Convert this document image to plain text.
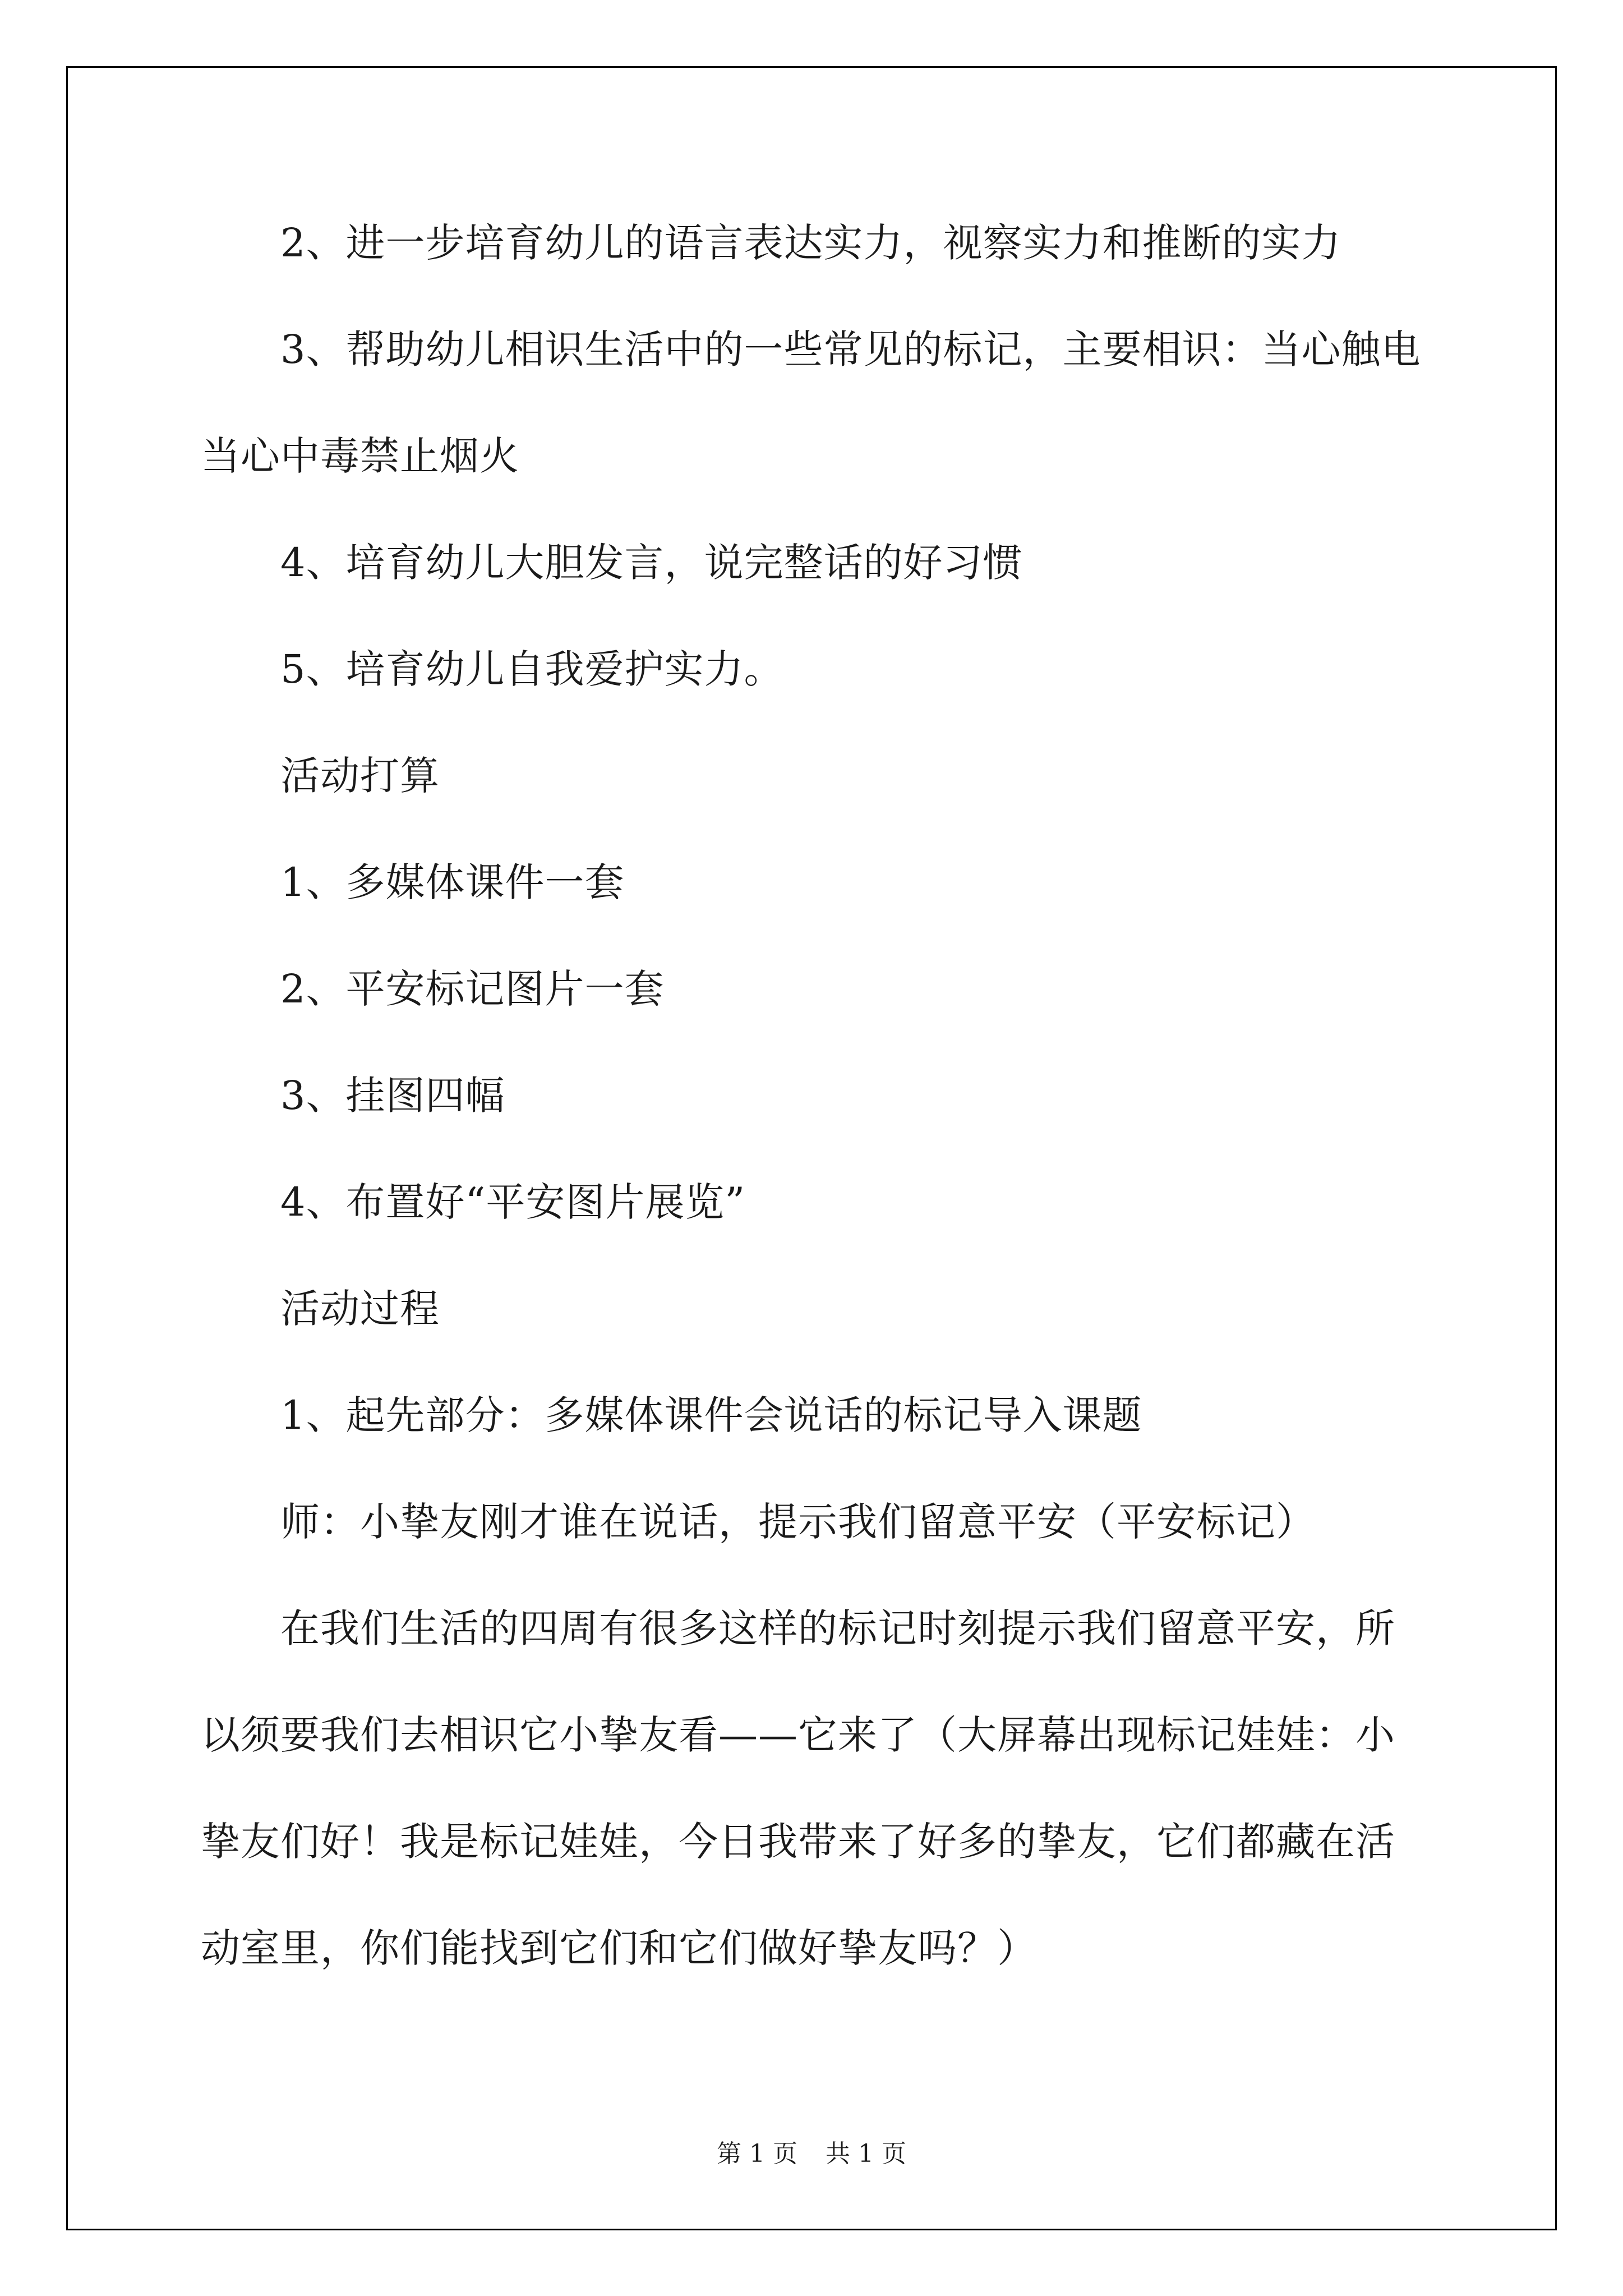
2、进一步培育幼儿的语言表达实力，视察实力和推断的实力
3、帮助幼儿相识生活中的一些常见的标记，主要相识：当心触电
当心中毒禁止烟火
4、培育幼儿大胆发言，说完整话的好习惯
5、培育幼儿自我爱护实力。
活动打算
1、多媒体课件一套
2、平安标记图片一套
3、挂图四幅
4、布置好“平安图片展览”
活动过程
1、起先部分：多媒体课件会说话的标记导入课题
师：小挚友刚才谁在说话，提示我们留意平安（平安标记）
在我们生活的四周有很多这样的标记时刻提示我们留意平安，所
以须要我们去相识它小挚友看——它来了（大屏幕出现标记娃娃：小
挚友们好！我是标记娃娃，今日我带来了好多的挚友，它们都藏在活
动室里，你们能找到它们和它们做好挚友吗？）
第 1 页 共 1 页
